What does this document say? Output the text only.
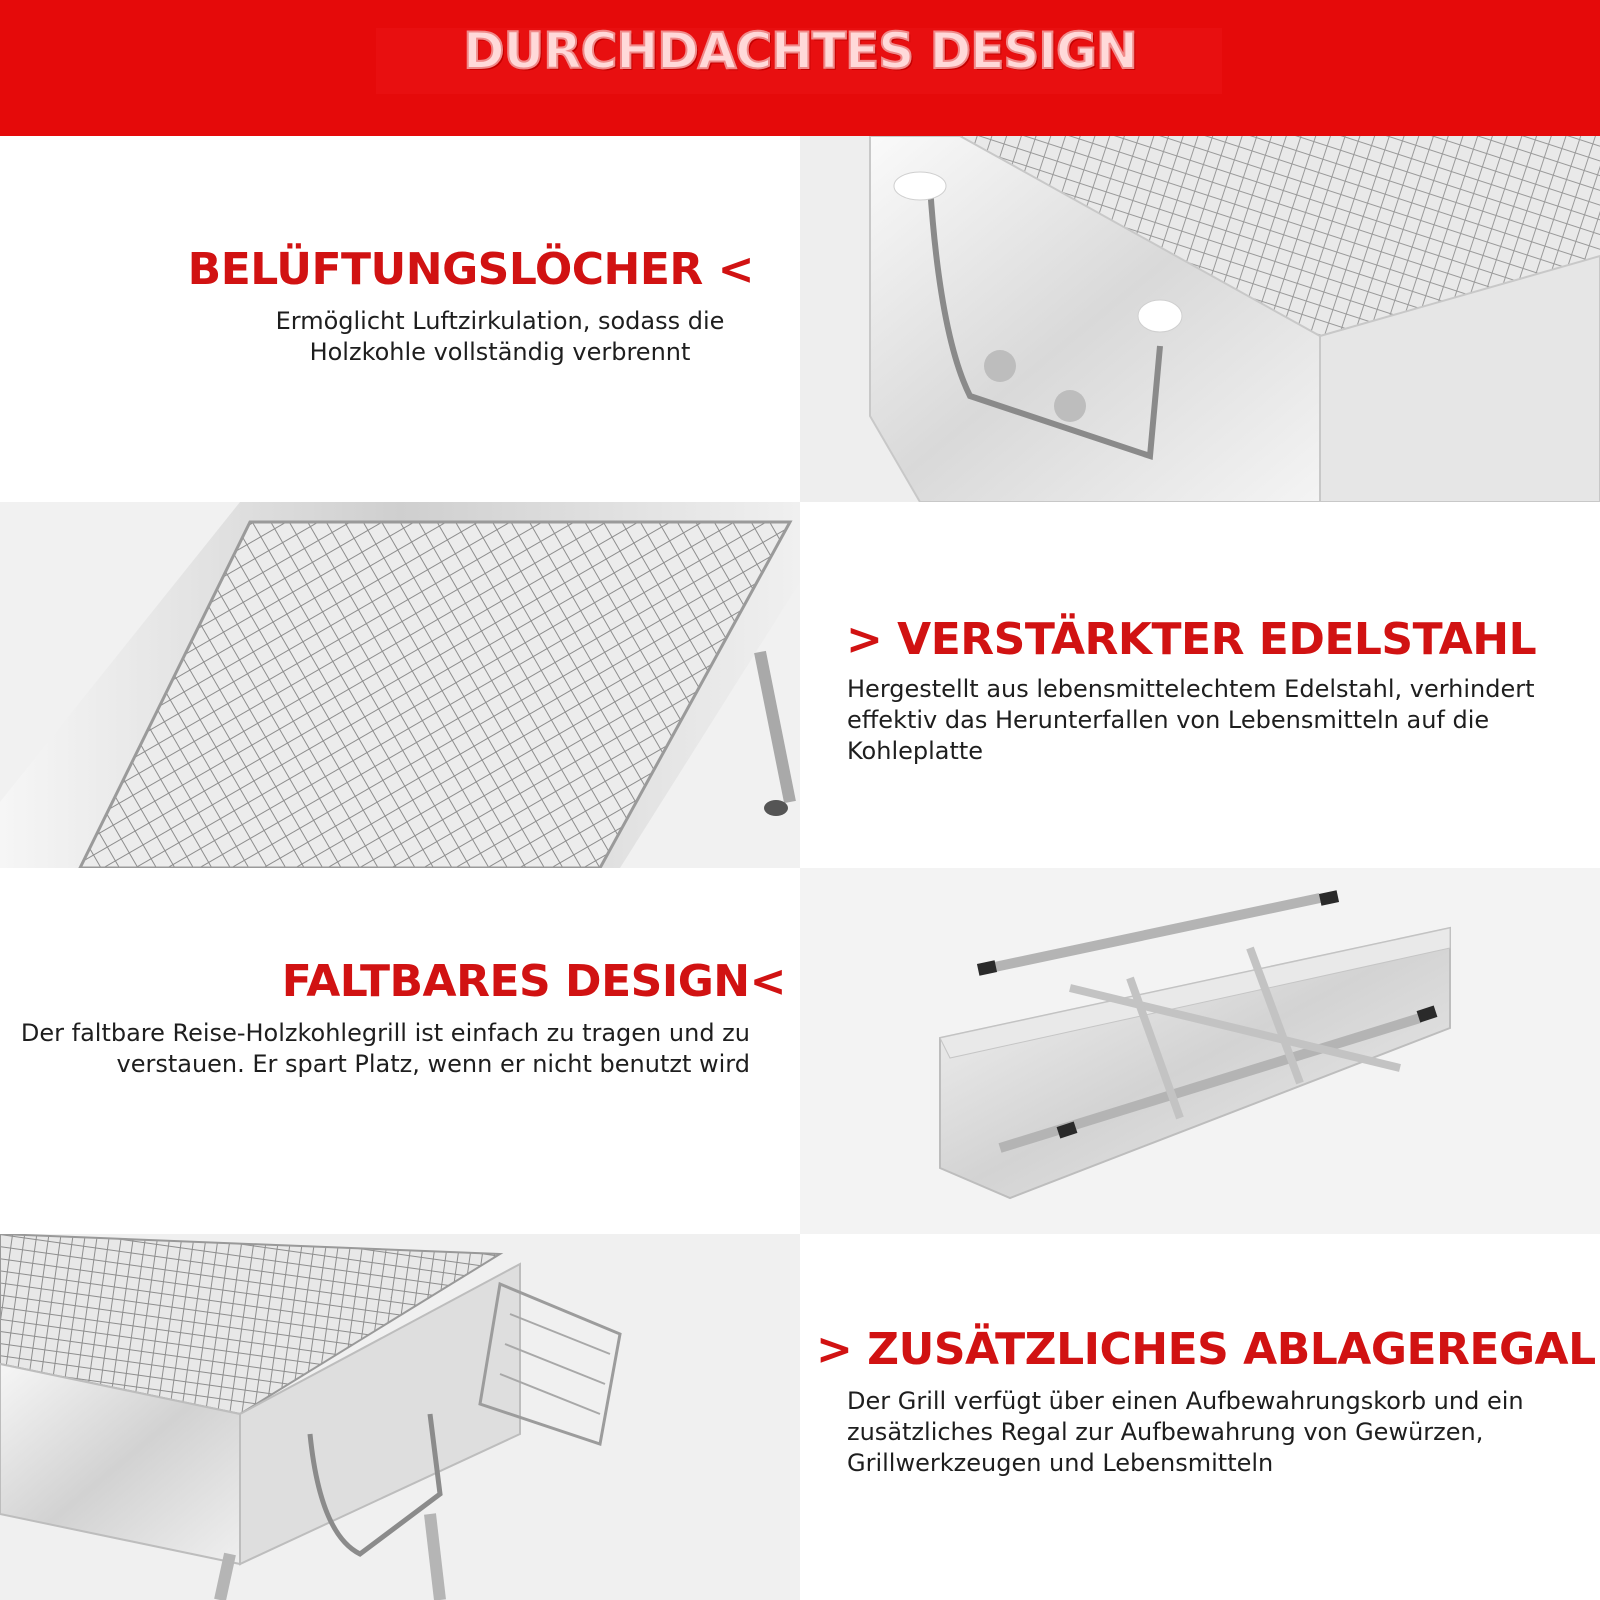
DURCHDACHTES DESIGN
BELÜFTUNGSLÖCHER <
Ermöglicht Luftzirkulation, sodass die Holzkohle vollständig verbrennt
> VERSTÄRKTER EDELSTAHL
Hergestellt aus lebensmittelechtem Edelstahl, verhindert effektiv das Herunterfallen von Lebensmitteln auf die Kohleplatte
FALTBARES DESIGN<
Der faltbare Reise-Holzkohlegrill ist einfach zu tragen und zu verstauen. Er spart Platz, wenn er nicht benutzt wird
> ZUSÄTZLICHES ABLAGEREGAL
Der Grill verfügt über einen Aufbewahrungskorb und ein zusätzliches Regal zur Aufbewahrung von Gewürzen, Grillwerkzeugen und Lebensmitteln
